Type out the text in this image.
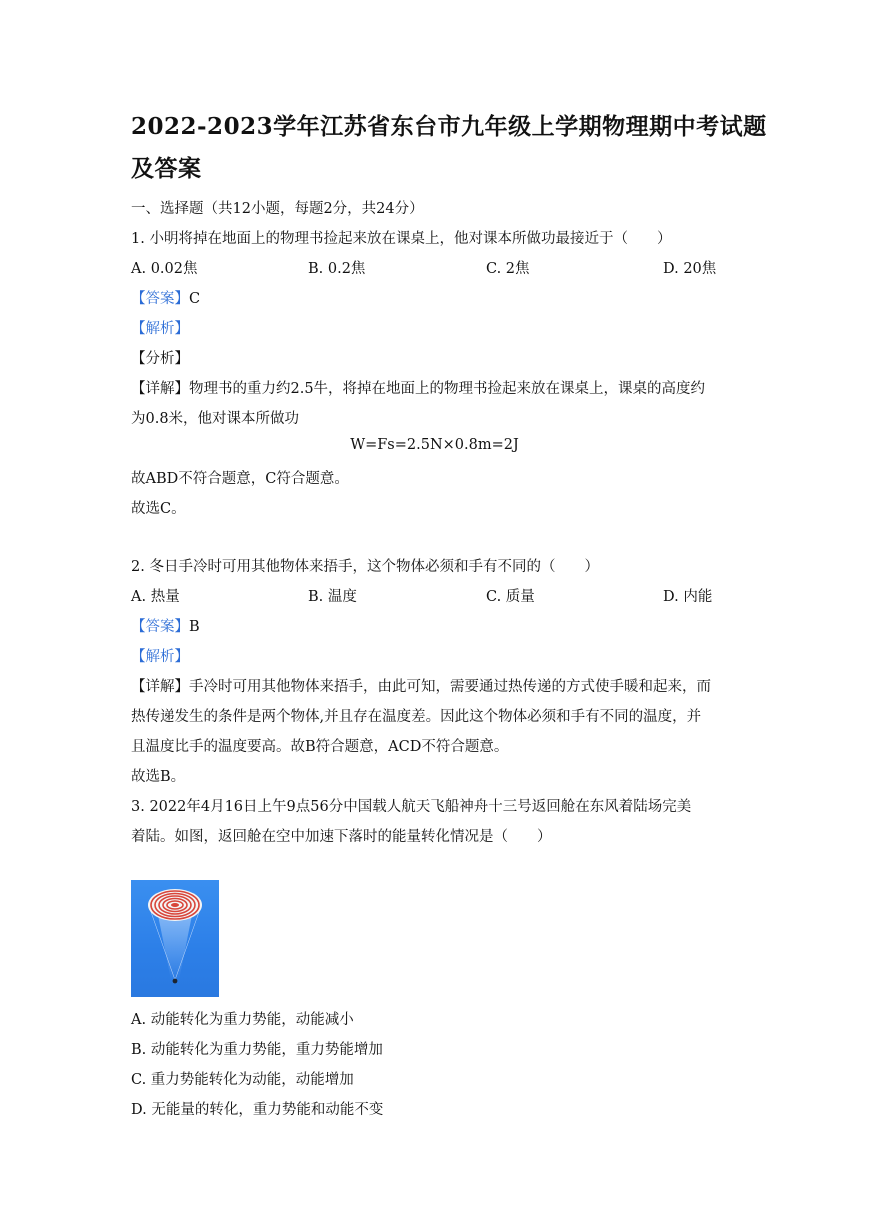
2022-2023学年江苏省东台市九年级上学期物理期中考试题
及答案
一、选择题（共12小题，每题2分，共24分）
1. 小明将掉在地面上的物理书捡起来放在课桌上，他对课本所做功最接近于（　　）
A. 0.02焦	B. 0.2焦	C. 2焦	D. 20焦
【答案】C
【解析】
【分析】
【详解】物理书的重力约2.5牛，将掉在地面上的物理书捡起来放在课桌上，课桌的高度约
为0.8米，他对课本所做功
W=Fs=2.5N×0.8m=2J
故ABD不符合题意，C符合题意。
故选C。
2. 冬日手冷时可用其他物体来捂手，这个物体必须和手有不同的（　　）
A. 热量	B. 温度	C. 质量	D. 内能
【答案】B
【解析】
【详解】手冷时可用其他物体来捂手，由此可知，需要通过热传递的方式使手暖和起来，而
热传递发生的条件是两个物体,并且存在温度差。因此这个物体必须和手有不同的温度，并
且温度比手的温度要高。故B符合题意，ACD不符合题意。
故选B。
3. 2022年4月16日上午9点56分中国载人航天飞船神舟十三号返回舱在东风着陆场完美
着陆。如图，返回舱在空中加速下落时的能量转化情况是（　　）
A. 动能转化为重力势能，动能减小
B. 动能转化为重力势能，重力势能增加
C. 重力势能转化为动能，动能增加
D. 无能量的转化，重力势能和动能不变
